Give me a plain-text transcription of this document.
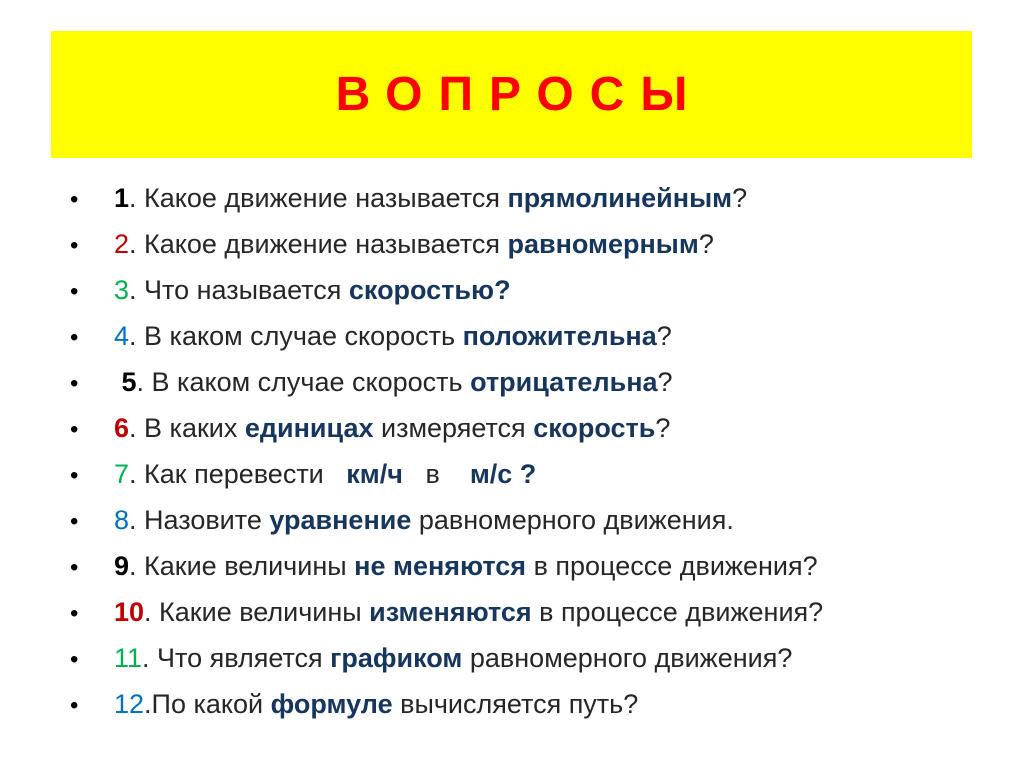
ВОПРОСЫ
•	1 . Какое движение называется прямолинейным ?
•	2 . Какое движение называется равномерным ?
•	3 . Что называется скоростью?
•	4 . В каком случае скорость положительна ?
•	5 . В каком случае скорость отрицательна ?
•	6 . В каких единицах измеряется скорость ?
•	7 . Как перевести км/ч в м/с ?
•	8 . Назовите уравнение равномерного движения.
•	9 . Какие величины не меняются в процессе движения?
•	10 . Какие величины изменяются в процессе движения?
•	11 . Что является графиком равномерного движения?
•	12 .По какой формуле вычисляется путь?
